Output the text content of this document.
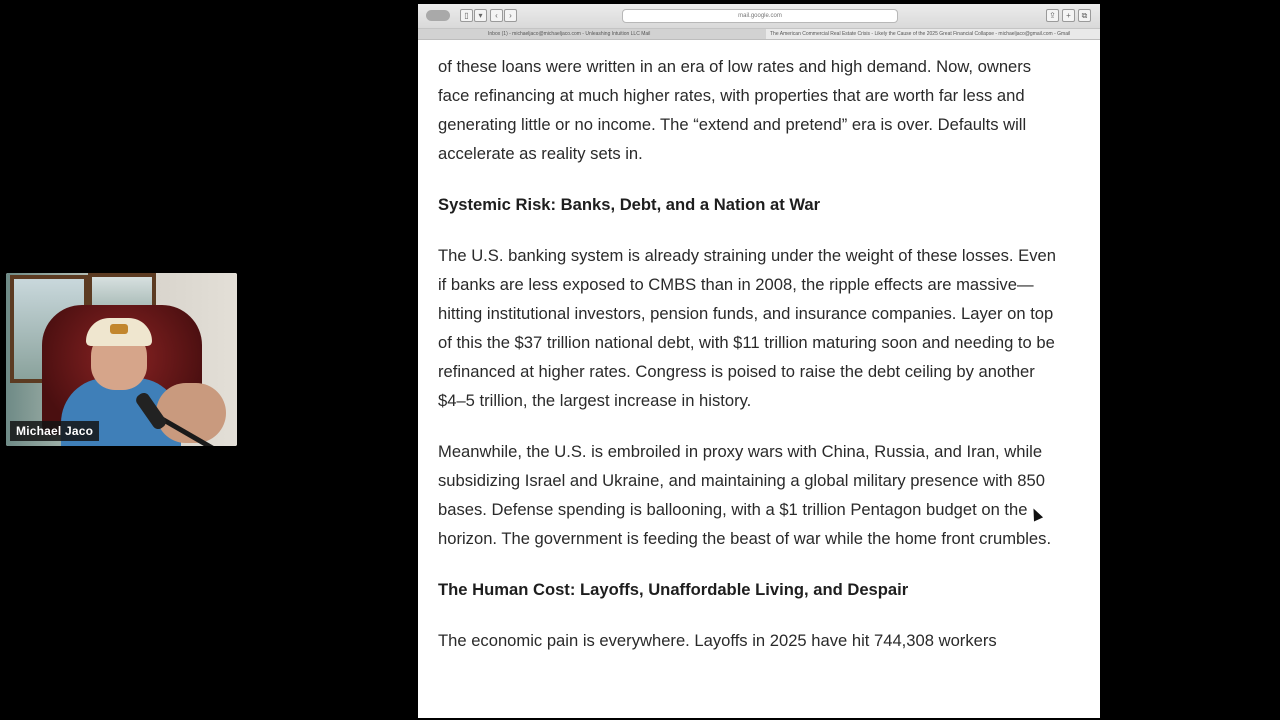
Michael Jaco
▯	▾	‹	›	mail.google.com	⇪	+	⧉
Inbox (1) - michaeljaco@michaeljaco.com - Unleashing Intuition LLC Mail	The American Commercial Real Estate Crisis - Likely the Cause of the 2025 Great Financial Collapse - michaeljaco@gmail.com - Gmail

of these loans were written in an era of low rates and high demand. Now, owners face refinancing at much higher rates, with properties that are worth far less and generating little or no income. The “extend and pretend” era is over. Defaults will accelerate as reality sets in.

Systemic Risk: Banks, Debt, and a Nation at War

The U.S. banking system is already straining under the weight of these losses. Even if banks are less exposed to CMBS than in 2008, the ripple effects are massive—hitting institutional investors, pension funds, and insurance companies. Layer on top of this the $37 trillion national debt, with $11 trillion maturing soon and needing to be refinanced at higher rates. Congress is poised to raise the debt ceiling by another $4–5 trillion, the largest increase in history.

Meanwhile, the U.S. is embroiled in proxy wars with China, Russia, and Iran, while subsidizing Israel and Ukraine, and maintaining a global military presence with 850 bases. Defense spending is ballooning, with a $1 trillion Pentagon budget on the horizon. The government is feeding the beast of war while the home front crumbles.

The Human Cost: Layoffs, Unaffordable Living, and Despair

The economic pain is everywhere. Layoffs in 2025 have hit 744,308 workers
